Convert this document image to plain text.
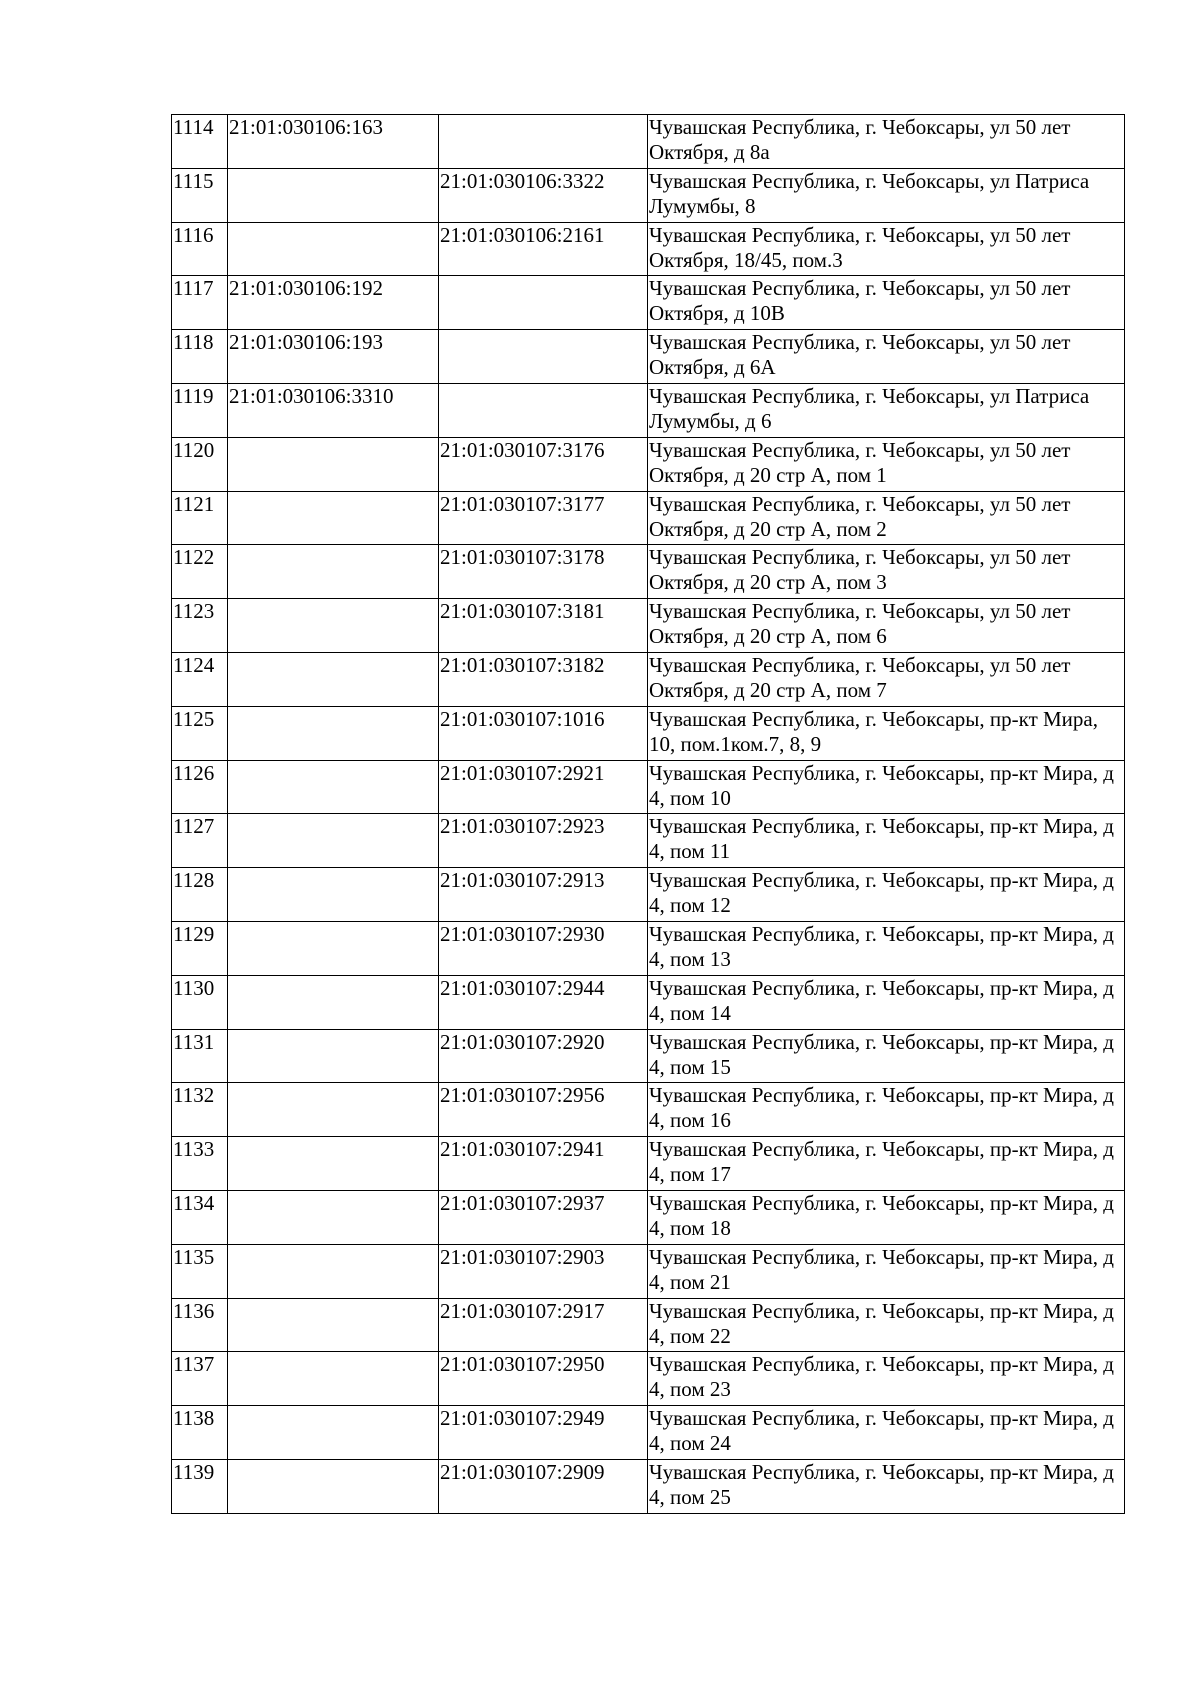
1114	21:01:030106:163		Чувашская Республика, г. Чебоксары, ул 50 лет Октября, д 8а
1115		21:01:030106:3322	Чувашская Республика, г. Чебоксары, ул Патриса Лумумбы, 8
1116		21:01:030106:2161	Чувашская Республика, г. Чебоксары, ул 50 лет Октября, 18/45, пом.3
1117	21:01:030106:192		Чувашская Республика, г. Чебоксары, ул 50 лет Октября, д 10В
1118	21:01:030106:193		Чувашская Республика, г. Чебоксары, ул 50 лет Октября, д 6А
1119	21:01:030106:3310		Чувашская Республика, г. Чебоксары, ул Патриса Лумумбы, д 6
1120		21:01:030107:3176	Чувашская Республика, г. Чебоксары, ул 50 лет Октября, д 20 стр А, пом 1
1121		21:01:030107:3177	Чувашская Республика, г. Чебоксары, ул 50 лет Октября, д 20 стр А, пом 2
1122		21:01:030107:3178	Чувашская Республика, г. Чебоксары, ул 50 лет Октября, д 20 стр А, пом 3
1123		21:01:030107:3181	Чувашская Республика, г. Чебоксары, ул 50 лет Октября, д 20 стр А, пом 6
1124		21:01:030107:3182	Чувашская Республика, г. Чебоксары, ул 50 лет Октября, д 20 стр А, пом 7
1125		21:01:030107:1016	Чувашская Республика, г. Чебоксары, пр-кт Мира, 10, пом.1ком.7, 8, 9
1126		21:01:030107:2921	Чувашская Республика, г. Чебоксары, пр-кт Мира, д 4, пом 10
1127		21:01:030107:2923	Чувашская Республика, г. Чебоксары, пр-кт Мира, д 4, пом 11
1128		21:01:030107:2913	Чувашская Республика, г. Чебоксары, пр-кт Мира, д 4, пом 12
1129		21:01:030107:2930	Чувашская Республика, г. Чебоксары, пр-кт Мира, д 4, пом 13
1130		21:01:030107:2944	Чувашская Республика, г. Чебоксары, пр-кт Мира, д 4, пом 14
1131		21:01:030107:2920	Чувашская Республика, г. Чебоксары, пр-кт Мира, д 4, пом 15
1132		21:01:030107:2956	Чувашская Республика, г. Чебоксары, пр-кт Мира, д 4, пом 16
1133		21:01:030107:2941	Чувашская Республика, г. Чебоксары, пр-кт Мира, д 4, пом 17
1134		21:01:030107:2937	Чувашская Республика, г. Чебоксары, пр-кт Мира, д 4, пом 18
1135		21:01:030107:2903	Чувашская Республика, г. Чебоксары, пр-кт Мира, д 4, пом 21
1136		21:01:030107:2917	Чувашская Республика, г. Чебоксары, пр-кт Мира, д 4, пом 22
1137		21:01:030107:2950	Чувашская Республика, г. Чебоксары, пр-кт Мира, д 4, пом 23
1138		21:01:030107:2949	Чувашская Республика, г. Чебоксары, пр-кт Мира, д 4, пом 24
1139		21:01:030107:2909	Чувашская Республика, г. Чебоксары, пр-кт Мира, д 4, пом 25
